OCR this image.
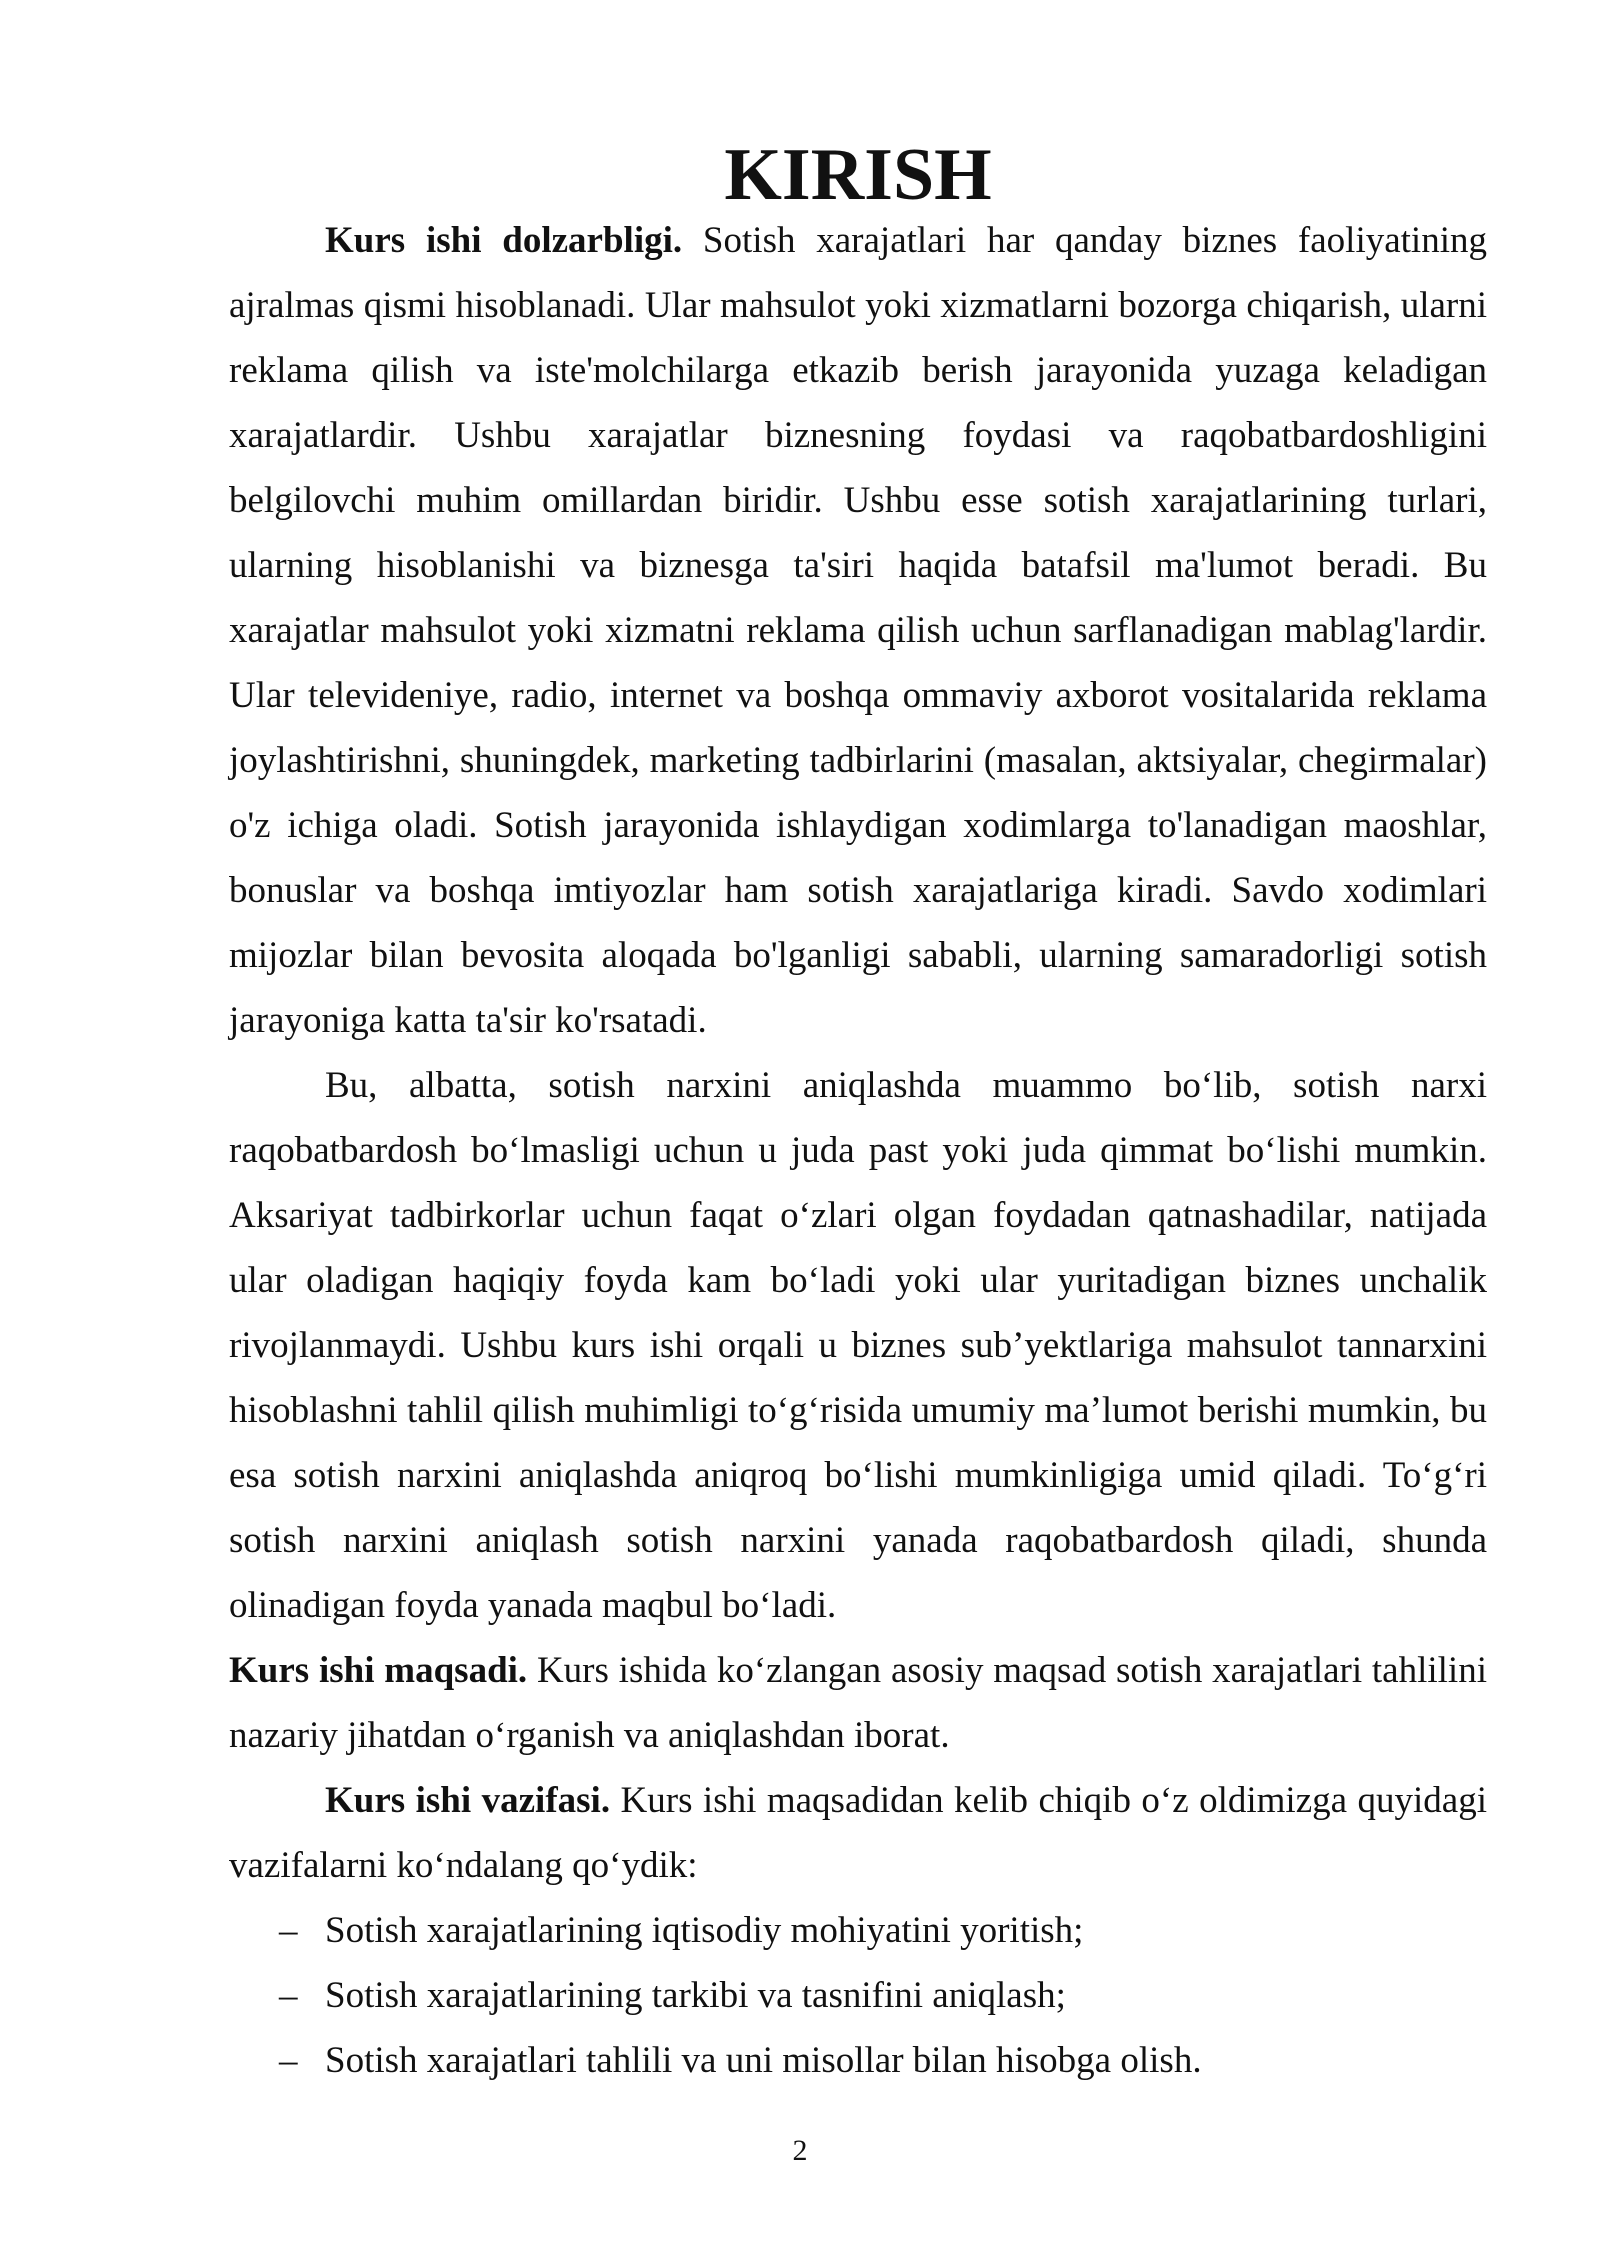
KIRISH

Kurs ishi dolzarbligi. Sotish xarajatlari har qanday biznes faoliyatining ajralmas qismi hisoblanadi. Ular mahsulot yoki xizmatlarni bozorga chiqarish, ularni reklama qilish va iste'molchilarga etkazib berish jarayonida yuzaga keladigan xarajatlardir. Ushbu xarajatlar biznesning foydasi va raqobatbardoshligini belgilovchi muhim omillardan biridir. Ushbu esse sotish xarajatlarining turlari, ularning hisoblanishi va biznesga ta'siri haqida batafsil ma'lumot beradi. Bu xarajatlar mahsulot yoki xizmatni reklama qilish uchun sarflanadigan mablag'lardir. Ular televideniye, radio, internet va boshqa ommaviy axborot vositalarida reklama joylashtirishni, shuningdek, marketing tadbirlarini (masalan, aktsiyalar, chegirmalar) o'z ichiga oladi. Sotish jarayonida ishlaydigan xodimlarga to'lanadigan maoshlar, bonuslar va boshqa imtiyozlar ham sotish xarajatlariga kiradi. Savdo xodimlari mijozlar bilan bevosita aloqada bo'lganligi sababli, ularning samaradorligi sotish jarayoniga katta ta'sir ko'rsatadi.

Bu, albatta, sotish narxini aniqlashda muammo bo‘lib, sotish narxi raqobatbardosh bo‘lmasligi uchun u juda past yoki juda qimmat bo‘lishi mumkin. Aksariyat tadbirkorlar uchun faqat o‘zlari olgan foydadan qatnashadilar, natijada ular oladigan haqiqiy foyda kam bo‘ladi yoki ular yuritadigan biznes unchalik rivojlanmaydi. Ushbu kurs ishi orqali u biznes sub’yektlariga mahsulot tannarxini hisoblashni tahlil qilish muhimligi to‘g‘risida umumiy ma’lumot berishi mumkin, bu esa sotish narxini aniqlashda aniqroq bo‘lishi mumkinligiga umid qiladi. To‘g‘ri sotish narxini aniqlash sotish narxini yanada raqobatbardosh qiladi, shunda olinadigan foyda yanada maqbul bo‘ladi.

Kurs ishi maqsadi. Kurs ishida ko‘zlangan asosiy maqsad sotish xarajatlari tahlilini nazariy jihatdan o‘rganish va aniqlashdan iborat.

Kurs ishi vazifasi. Kurs ishi maqsadidan kelib chiqib o‘z oldimizga quyidagi vazifalarni ko‘ndalang qo‘ydik:

– Sotish xarajatlarining iqtisodiy mohiyatini yoritish;
– Sotish xarajatlarining tarkibi va tasnifini aniqlash;
– Sotish xarajatlari tahlili va uni misollar bilan hisobga olish.
2
